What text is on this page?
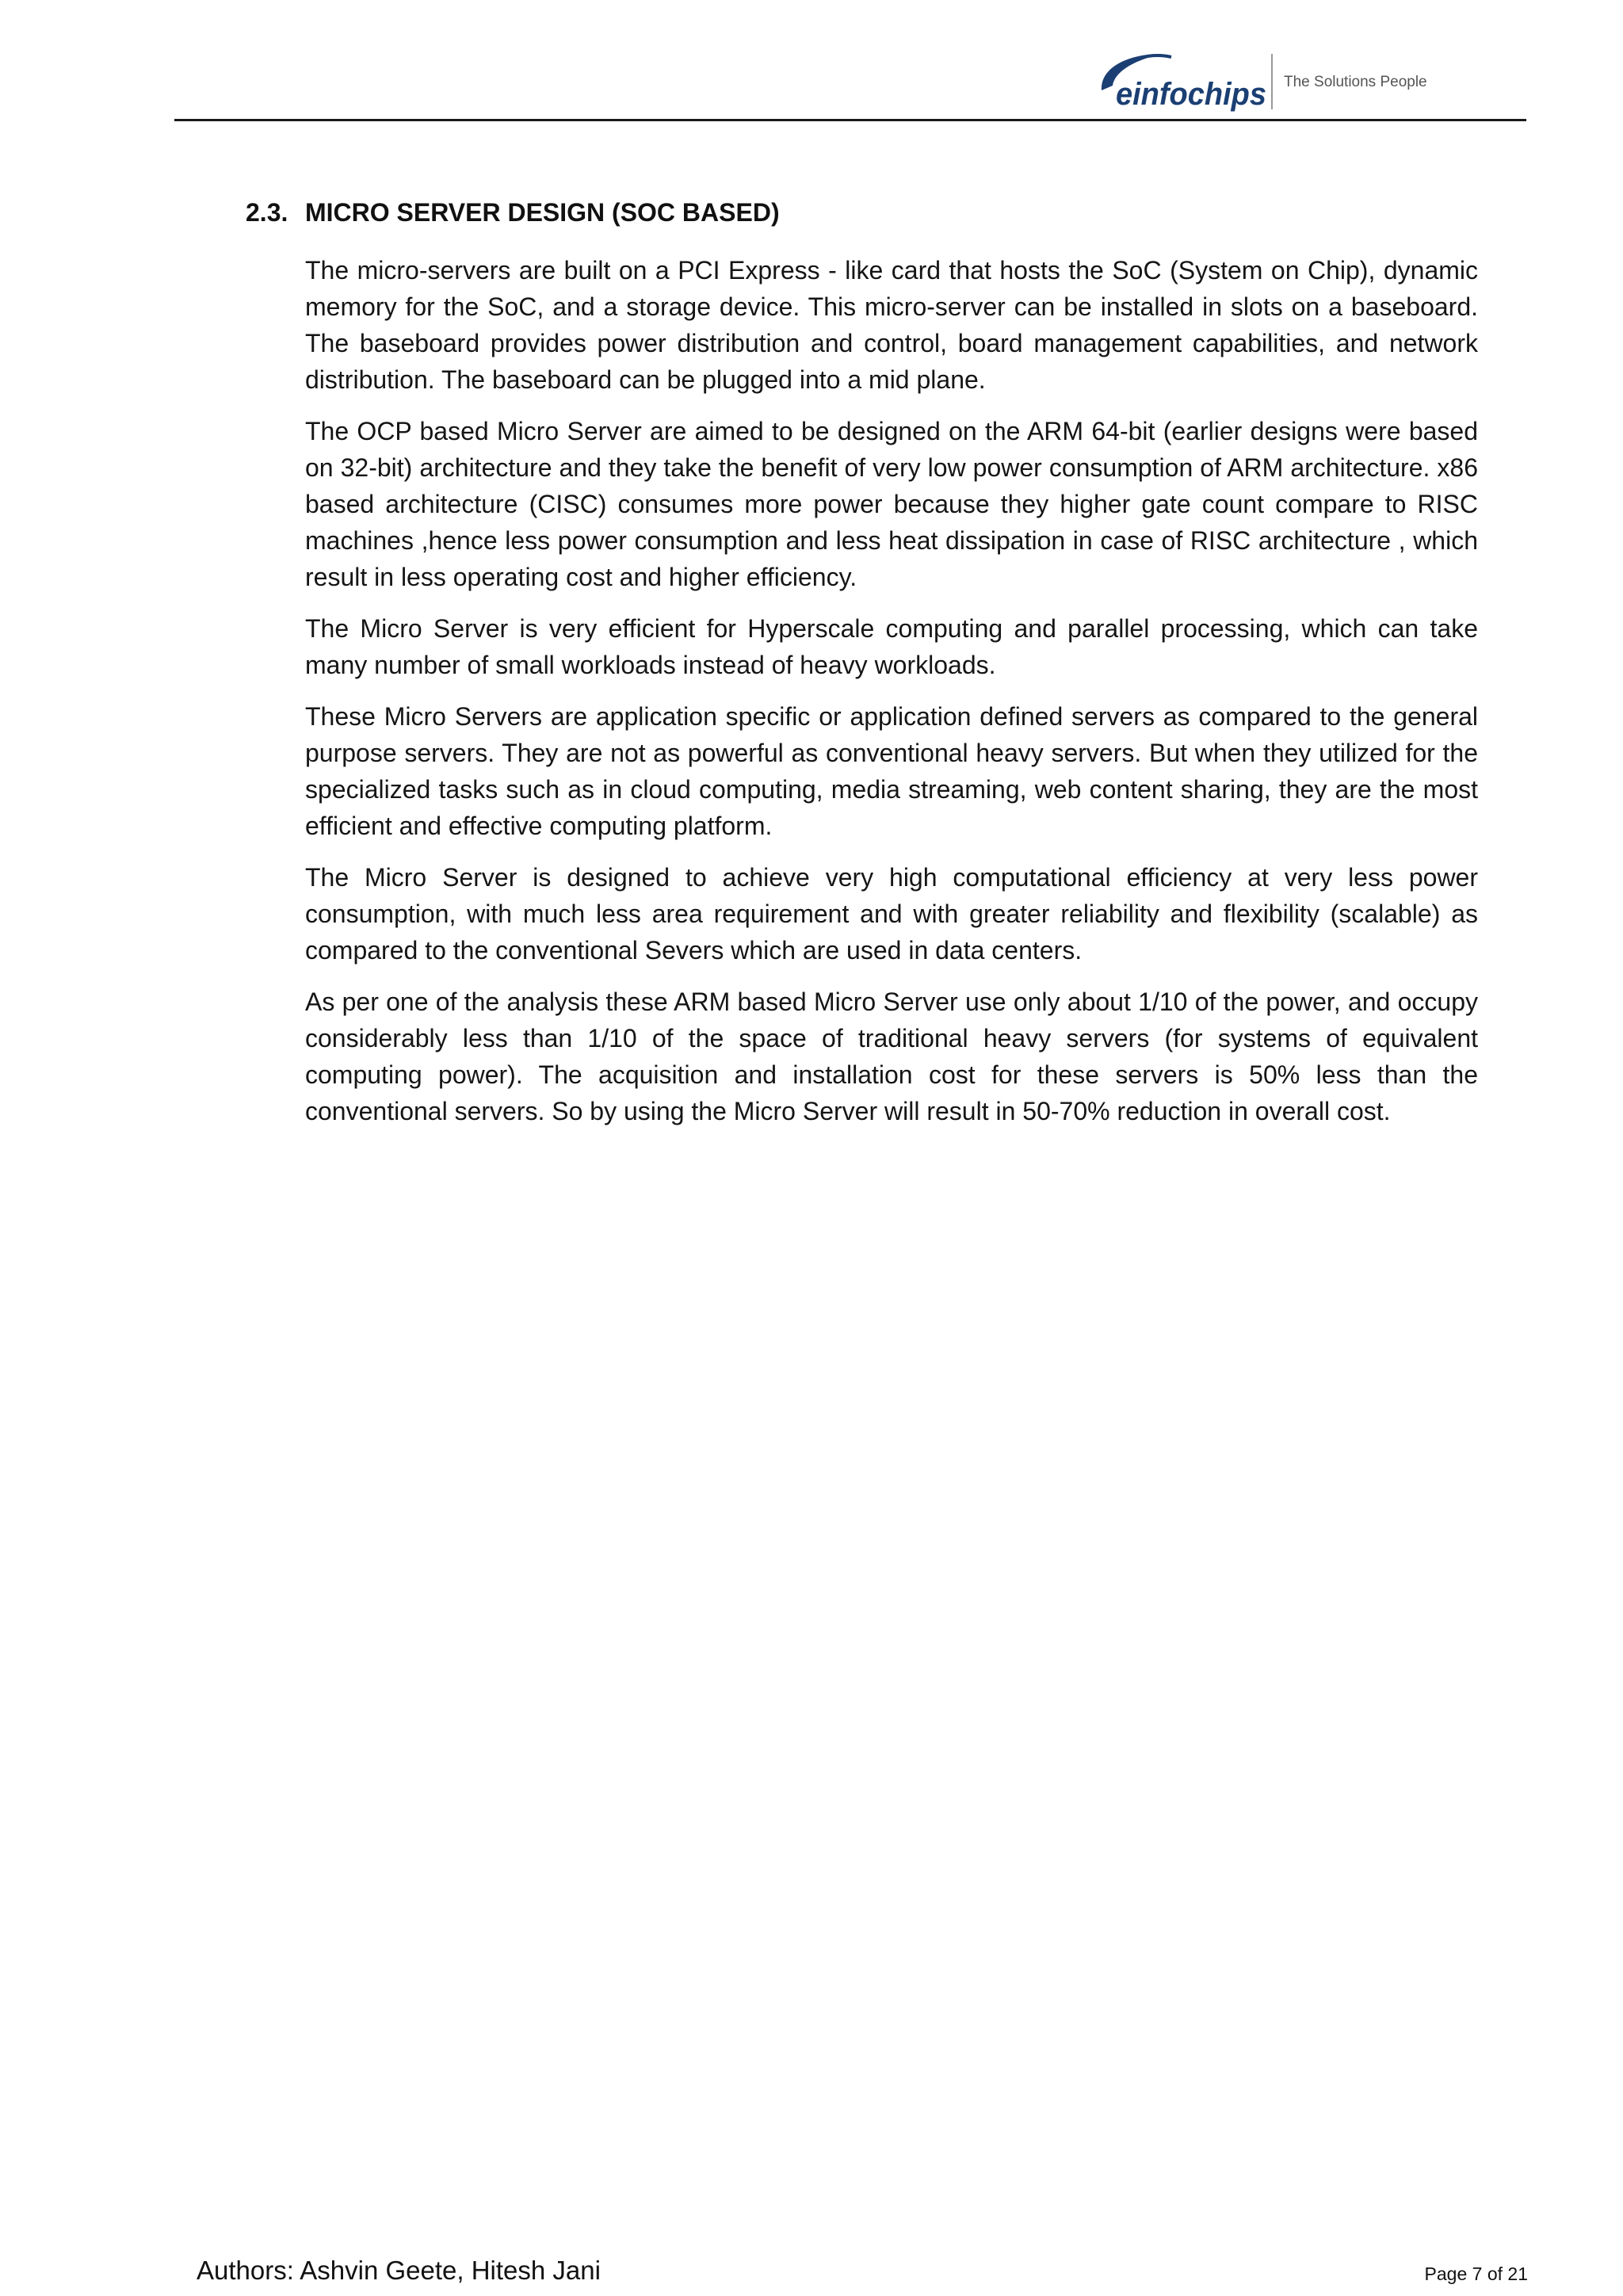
einfochips The Solutions People
2.3. MICRO SERVER DESIGN (SOC BASED)

The micro-servers are built on a PCI Express - like card that hosts the SoC (System on Chip), dynamic memory for the SoC, and a storage device. This micro-server can be installed in slots on a baseboard. The baseboard provides power distribution and control, board management capabilities, and network distribution. The baseboard can be plugged into a mid plane.

The OCP based Micro Server are aimed to be designed on the ARM 64-bit (earlier designs were based on 32-bit) architecture and they take the benefit of very low power consumption of ARM architecture. x86 based architecture (CISC) consumes more power because they higher gate count compare to RISC machines ,hence less power consumption and less heat dissipation in case of RISC architecture , which result in less operating cost and higher efficiency.

The Micro Server is very efficient for Hyperscale computing and parallel processing, which can take many number of small workloads instead of heavy workloads.

These Micro Servers are application specific or application defined servers as compared to the general purpose servers. They are not as powerful as conventional heavy servers. But when they utilized for the specialized tasks such as in cloud computing, media streaming, web content sharing, they are the most efficient and effective computing platform.

The Micro Server is designed to achieve very high computational efficiency at very less power consumption, with much less area requirement and with greater reliability and flexibility (scalable) as compared to the conventional Severs which are used in data centers.

As per one of the analysis these ARM based Micro Server use only about 1/10 of the power, and occupy considerably less than 1/10 of the space of traditional heavy servers (for systems of equivalent computing power). The acquisition and installation cost for these servers is 50% less than the conventional servers. So by using the Micro Server will result in 50-70% reduction in overall cost.

Authors: Ashvin Geete, Hitesh Jani	Page 7 of 21
